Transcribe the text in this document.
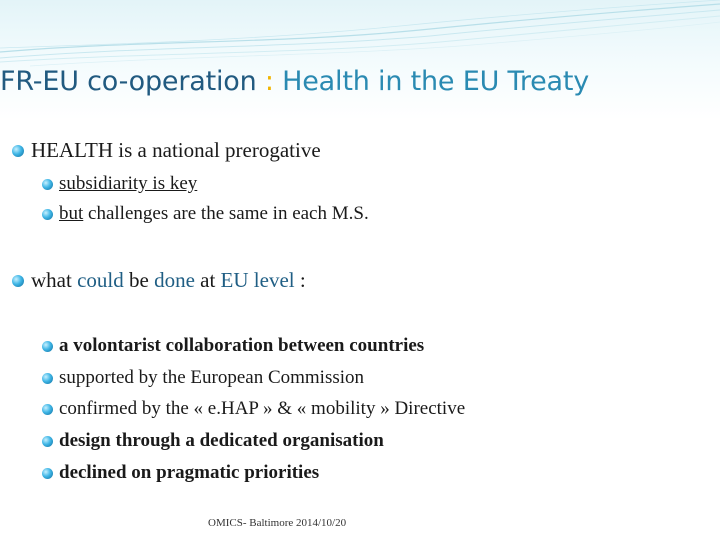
FR-EU co-operation : Health in the EU Treaty
HEALTH is a national prerogative
subsidiarity is key
but challenges are the same in each M.S.
what could be done at EU level :
a volontarist collaboration between countries
supported by the European Commission
confirmed by the « e.HAP » & « mobility » Directive
design through a dedicated organisation
declined on pragmatic priorities
OMICS- Baltimore 2014/10/20
